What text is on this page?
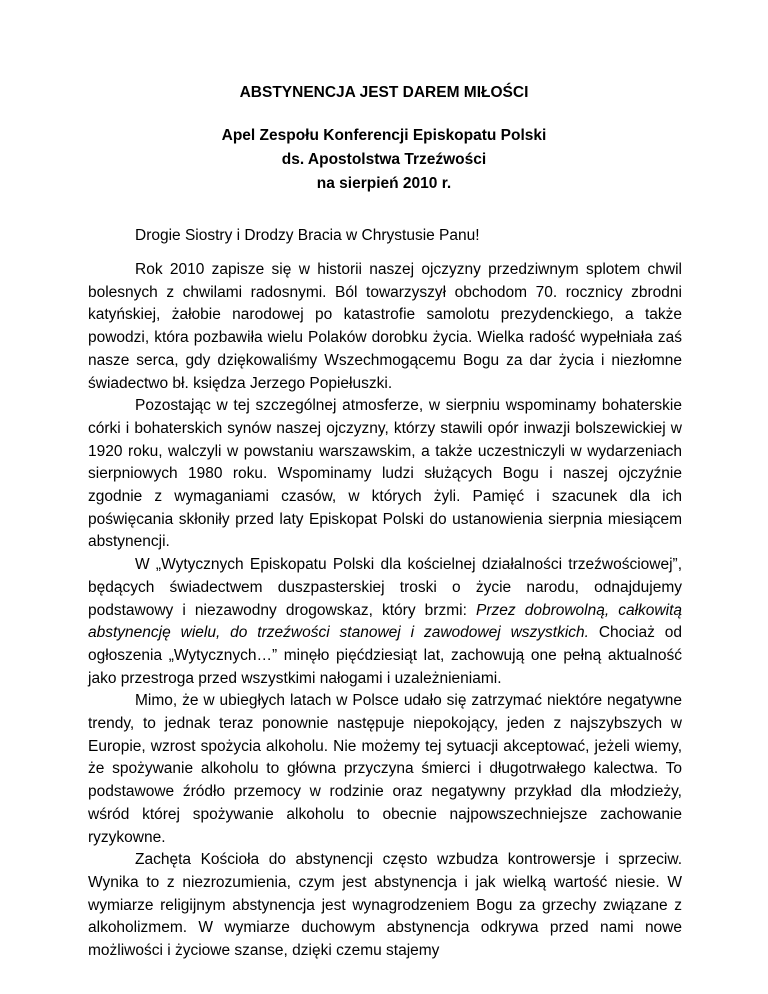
ABSTYNENCJA JEST DAREM MIŁOŚCI
Apel Zespołu Konferencji Episkopatu Polski
ds. Apostolstwa Trzeźwości
na sierpień 2010 r.

Drogie Siostry i Drodzy Bracia w Chrystusie Panu!

Rok 2010 zapisze się w historii naszej ojczyzny przedziwnym splotem chwil bolesnych z chwilami radosnymi. Ból towarzyszył obchodom 70. rocznicy zbrodni katyńskiej, żałobie narodowej po katastrofie samolotu prezydenckiego, a także powodzi, która pozbawiła wielu Polaków dorobku życia. Wielka radość wypełniała zaś nasze serca, gdy dziękowaliśmy Wszechmogącemu Bogu za dar życia i niezłomne świadectwo bł. księdza Jerzego Popiełuszki.

Pozostając w tej szczególnej atmosferze, w sierpniu wspominamy bohaterskie córki i bohaterskich synów naszej ojczyzny, którzy stawili opór inwazji bolszewickiej w 1920 roku, walczyli w powstaniu warszawskim, a także uczestniczyli w wydarzeniach sierpniowych 1980 roku. Wspominamy ludzi służących Bogu i naszej ojczyźnie zgodnie z wymaganiami czasów, w których żyli. Pamięć i szacunek dla ich poświęcania skłoniły przed laty Episkopat Polski do ustanowienia sierpnia miesiącem abstynencji.

W „Wytycznych Episkopatu Polski dla kościelnej działalności trzeźwościowej”, będących świadectwem duszpasterskiej troski o życie narodu, odnajdujemy podstawowy i niezawodny drogowskaz, który brzmi: Przez dobrowolną, całkowitą abstynencję wielu, do trzeźwości stanowej i zawodowej wszystkich. Chociaż od ogłoszenia „Wytycznych…” minęło pięćdziesiąt lat, zachowują one pełną aktualność jako przestroga przed wszystkimi nałogami i uzależnieniami.

Mimo, że w ubiegłych latach w Polsce udało się zatrzymać niektóre negatywne trendy, to jednak teraz ponownie następuje niepokojący, jeden z najszybszych w Europie, wzrost spożycia alkoholu. Nie możemy tej sytuacji akceptować, jeżeli wiemy, że spożywanie alkoholu to główna przyczyna śmierci i długotrwałego kalectwa. To podstawowe źródło przemocy w rodzinie oraz negatywny przykład dla młodzieży, wśród której spożywanie alkoholu to obecnie najpowszechniejsze zachowanie ryzykowne.

Zachęta Kościoła do abstynencji często wzbudza kontrowersje i sprzeciw. Wynika to z niezrozumienia, czym jest abstynencja i jak wielką wartość niesie. W wymiarze religijnym abstynencja jest wynagrodzeniem Bogu za grzechy związane z alkoholizmem. W wymiarze duchowym abstynencja odkrywa przed nami nowe możliwości i życiowe szanse, dzięki czemu stajemy
